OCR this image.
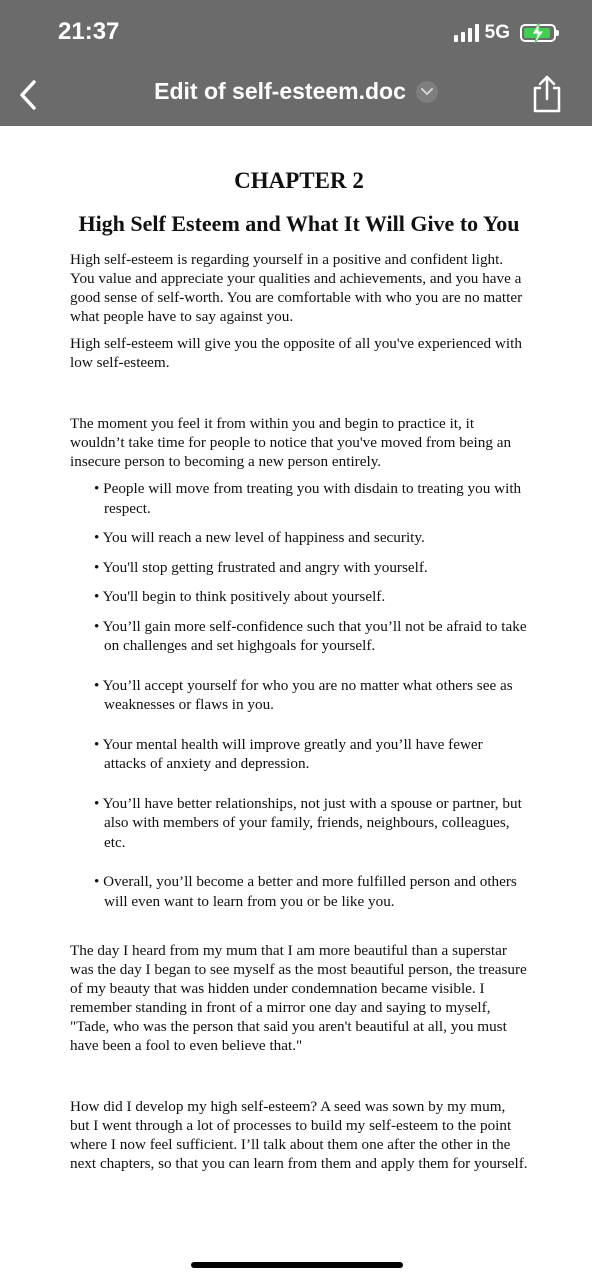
21:37	5G
Edit of self-esteem.doc
CHAPTER 2
High Self Esteem and What It Will Give to You

High self-esteem is regarding yourself in a positive and confident light. You value and appreciate your qualities and achievements, and you have a good sense of self-worth. You are comfortable with who you are no matter what people have to say against you.

High self-esteem will give you the opposite of all you've experienced with low self-esteem.

The moment you feel it from within you and begin to practice it, it wouldn’t take time for people to notice that you've moved from being an insecure person to becoming a new person entirely.

• People will move from treating you with disdain to treating you with respect.
• You will reach a new level of happiness and security.
• You'll stop getting frustrated and angry with yourself.
• You'll begin to think positively about yourself.
• You’ll gain more self-confidence such that you’ll not be afraid to take on challenges and set highgoals for yourself.
• You’ll accept yourself for who you are no matter what others see as weaknesses or flaws in you.
• Your mental health will improve greatly and you’ll have fewer attacks of anxiety and depression.
• You’ll have better relationships, not just with a spouse or partner, but also with members of your family, friends, neighbours, colleagues, etc.
• Overall, you’ll become a better and more fulfilled person and others will even want to learn from you or be like you.

The day I heard from my mum that I am more beautiful than a superstar was the day I began to see myself as the most beautiful person, the treasure of my beauty that was hidden under condemnation became visible. I remember standing in front of a mirror one day and saying to myself, "Tade, who was the person that said you aren't beautiful at all, you must have been a fool to even believe that."

How did I develop my high self-esteem? A seed was sown by my mum, but I went through a lot of processes to build my self-esteem to the point where I now feel sufficient. I’ll talk about them one after the other in the next chapters, so that you can learn from them and apply them for yourself.
